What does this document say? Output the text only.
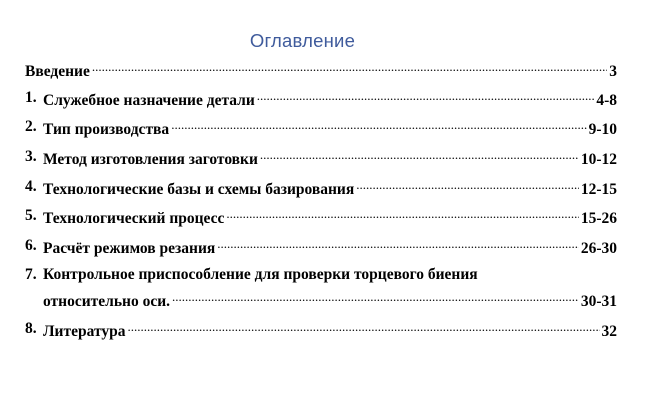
Оглавление
Введение .....	3
1. Служебное назначение детали .....	4-8
2. Тип производства .....	9-10
3. Метод изготовления заготовки .....	10-12
4. Технологические базы и схемы базирования .....	12-15
5. Технологический процесс .....	15-26
6. Расчёт режимов резания .....	26-30
7. Контрольное приспособление для проверки торцевого биения
относительно оси. .....	30-31
8. Литература .....	32
